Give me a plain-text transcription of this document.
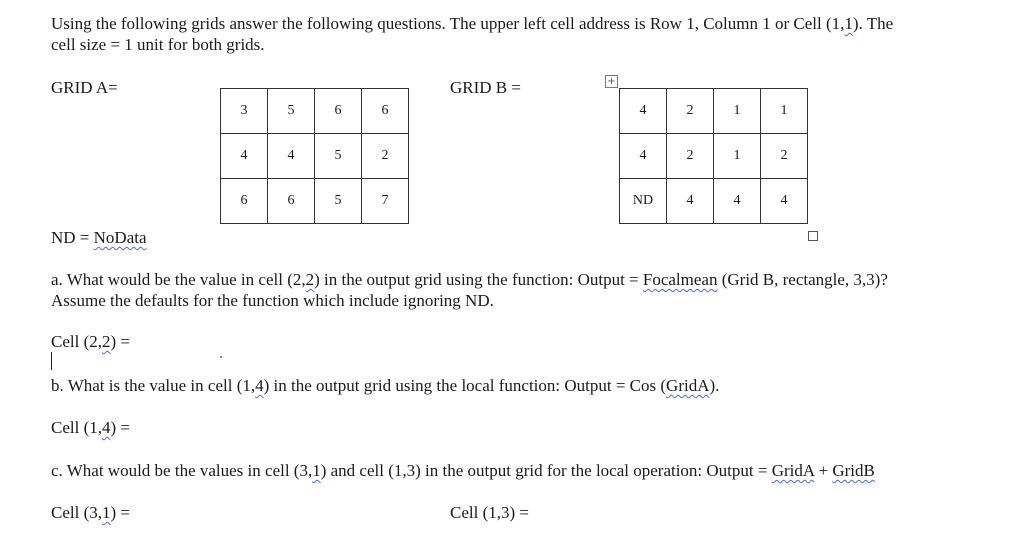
Using the following grids answer the following questions. The upper left cell address is Row 1, Column 1 or Cell (1,1). The
cell size = 1 unit for both grids.
GRID A=	GRID B =
3	5	6	6
4	4	5	2
6	6	5	7
+
4	2	1	1
4	2	1	2
ND	4	4	4
ND = NoData
a. What would be the value in cell (2,2) in the output grid using the function: Output = Focalmean (Grid B, rectangle, 3,3)?
Assume the defaults for the function which include ignoring ND.
Cell (2,2) =
b. What is the value in cell (1,4) in the output grid using the local function: Output = Cos (GridA).
Cell (1,4) =
c. What would be the values in cell (3,1) and cell (1,3) in the output grid for the local operation: Output = GridA + GridB
Cell (3,1) =	Cell (1,3) =
